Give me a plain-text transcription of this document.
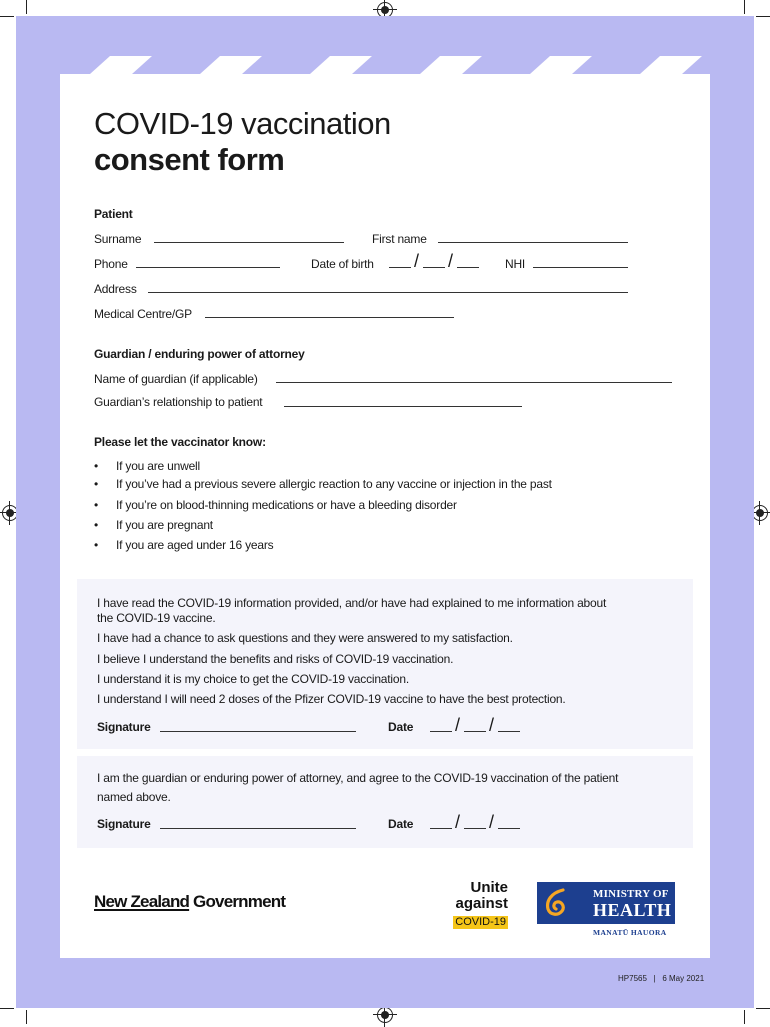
COVID-19 vaccination
consent form
Patient
Surname	First name
Phone	Date of birth / /	NHI
Address
Medical Centre/GP
Guardian / enduring power of attorney
Name of guardian (if applicable)
Guardian’s relationship to patient
Please let the vaccinator know:
• If you are unwell
• If you’ve had a previous severe allergic reaction to any vaccine or injection in the past
• If you’re on blood-thinning medications or have a bleeding disorder
• If you are pregnant
• If you are aged under 16 years
I have read the COVID-19 information provided, and/or have had explained to me information about
the COVID-19 vaccine.
I have had a chance to ask questions and they were answered to my satisfaction.
I believe I understand the benefits and risks of COVID-19 vaccination.
I understand it is my choice to get the COVID-19 vaccination.
I understand I will need 2 doses of the Pfizer COVID-19 vaccine to have the best protection.
Signature	Date / /
I am the guardian or enduring power of attorney, and agree to the COVID-19 vaccination of the patient
named above.
Signature	Date / /
New Zealand Government
Unite
against
COVID-19
MINISTRY OF
HEALTH
MANATŪ HAUORA
HP7565 | 6 May 2021
